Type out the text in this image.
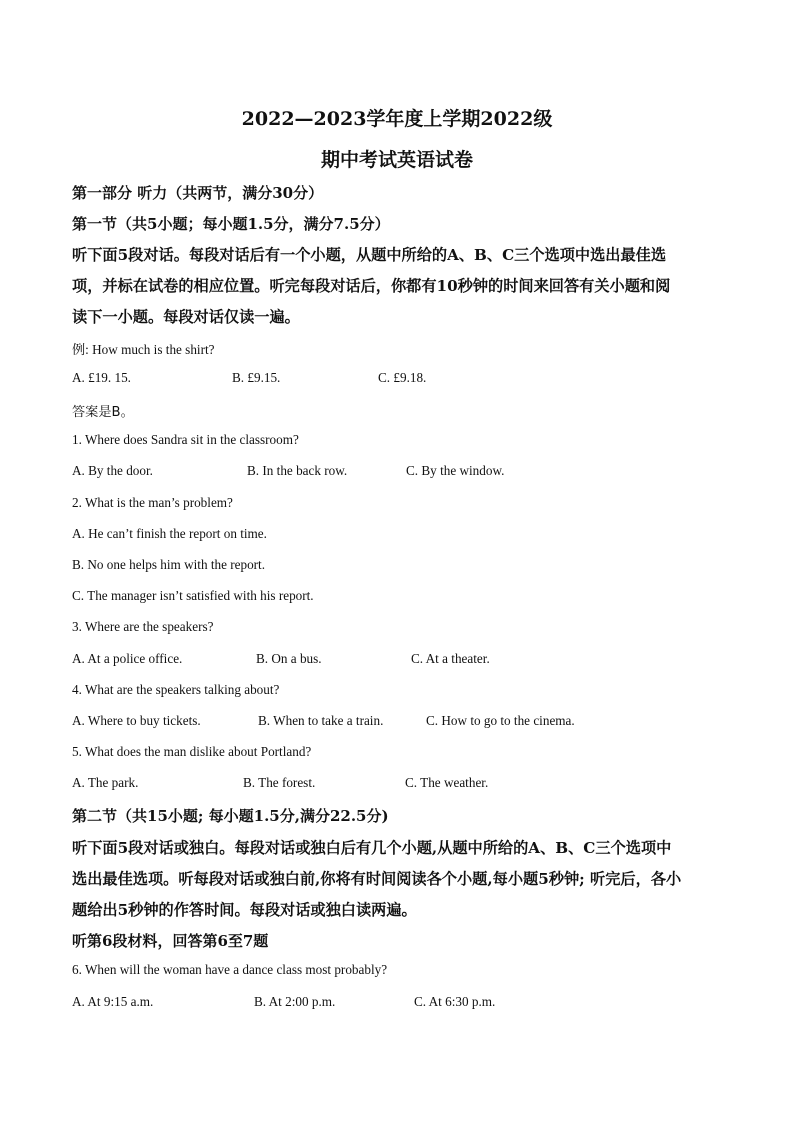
2022—2023学年度上学期2022级
期中考试英语试卷
第一部分 听力（共两节，满分30分）
第一节（共5小题；每小题1.5分，满分7.5分）
听下面5段对话。每段对话后有一个小题，从题中所给的A、B、C三个选项中选出最佳选
项，并标在试卷的相应位置。听完每段对话后，你都有10秒钟的时间来回答有关小题和阅
读下一小题。每段对话仅读一遍。
例: How much is the shirt?
A. £19. 15.	B. £9.15.	C. £9.18.
答案是B。
1. Where does Sandra sit in the classroom?
A. By the door.	B. In the back row.	C. By the window.
2. What is the man’s problem?
A. He can’t finish the report on time.
B. No one helps him with the report.
C. The manager isn’t satisfied with his report.
3. Where are the speakers?
A. At a police office.	B. On a bus.	C. At a theater.
4. What are the speakers talking about?
A. Where to buy tickets.	B. When to take a train.	C. How to go to the cinema.
5. What does the man dislike about Portland?
A. The park.	B. The forest.	C. The weather.
第二节（共15小题; 每小题1.5分,满分22.5分)
听下面5段对话或独白。每段对话或独白后有几个小题,从题中所给的A、B、C三个选项中
选出最佳选项。听每段对话或独白前,你将有时间阅读各个小题,每小题5秒钟; 听完后，各小
题给出5秒钟的作答时间。每段对话或独白读两遍。
听第6段材料，回答第6至7题
6. When will the woman have a dance class most probably?
A. At 9:15 a.m.	B. At 2:00 p.m.	C. At 6:30 p.m.
